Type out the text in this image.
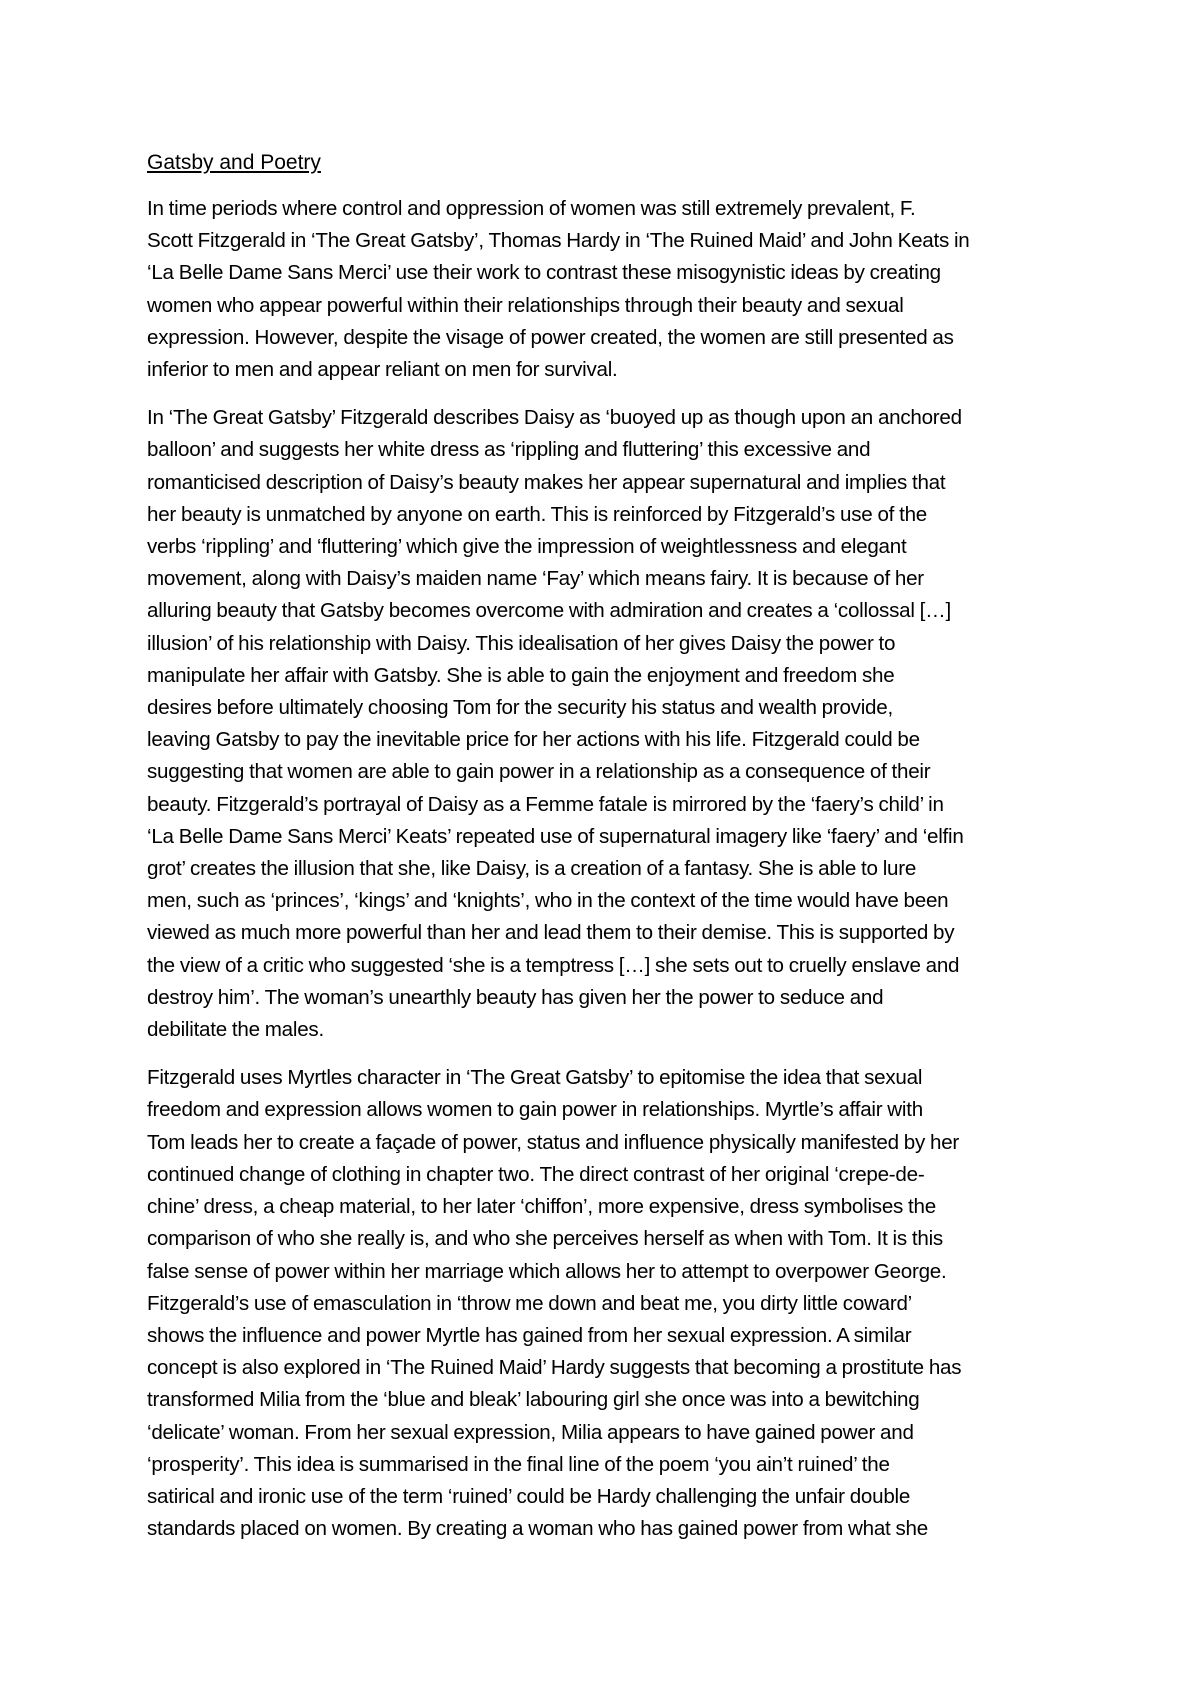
Gatsby and Poetry
In time periods where control and oppression of women was still extremely prevalent, F.
Scott Fitzgerald in ‘The Great Gatsby’, Thomas Hardy in ‘The Ruined Maid’ and John Keats in
‘La Belle Dame Sans Merci’ use their work to contrast these misogynistic ideas by creating
women who appear powerful within their relationships through their beauty and sexual
expression. However, despite the visage of power created, the women are still presented as
inferior to men and appear reliant on men for survival.
In ‘The Great Gatsby’ Fitzgerald describes Daisy as ‘buoyed up as though upon an anchored
balloon’ and suggests her white dress as ‘rippling and fluttering’ this excessive and
romanticised description of Daisy’s beauty makes her appear supernatural and implies that
her beauty is unmatched by anyone on earth. This is reinforced by Fitzgerald’s use of the
verbs ‘rippling’ and ‘fluttering’ which give the impression of weightlessness and elegant
movement, along with Daisy’s maiden name ‘Fay’ which means fairy. It is because of her
alluring beauty that Gatsby becomes overcome with admiration and creates a ‘collossal […]
illusion’ of his relationship with Daisy. This idealisation of her gives Daisy the power to
manipulate her affair with Gatsby. She is able to gain the enjoyment and freedom she
desires before ultimately choosing Tom for the security his status and wealth provide,
leaving Gatsby to pay the inevitable price for her actions with his life. Fitzgerald could be
suggesting that women are able to gain power in a relationship as a consequence of their
beauty. Fitzgerald’s portrayal of Daisy as a Femme fatale is mirrored by the ‘faery’s child’ in
‘La Belle Dame Sans Merci’ Keats’ repeated use of supernatural imagery like ‘faery’ and ‘elfin
grot’ creates the illusion that she, like Daisy, is a creation of a fantasy. She is able to lure
men, such as ‘princes’, ‘kings’ and ‘knights’, who in the context of the time would have been
viewed as much more powerful than her and lead them to their demise. This is supported by
the view of a critic who suggested ‘she is a temptress […] she sets out to cruelly enslave and
destroy him’. The woman’s unearthly beauty has given her the power to seduce and
debilitate the males.
Fitzgerald uses Myrtles character in ‘The Great Gatsby’ to epitomise the idea that sexual
freedom and expression allows women to gain power in relationships. Myrtle’s affair with
Tom leads her to create a façade of power, status and influence physically manifested by her
continued change of clothing in chapter two. The direct contrast of her original ‘crepe-de-
chine’ dress, a cheap material, to her later ‘chiffon’, more expensive, dress symbolises the
comparison of who she really is, and who she perceives herself as when with Tom. It is this
false sense of power within her marriage which allows her to attempt to overpower George.
Fitzgerald’s use of emasculation in ‘throw me down and beat me, you dirty little coward’
shows the influence and power Myrtle has gained from her sexual expression. A similar
concept is also explored in ‘The Ruined Maid’ Hardy suggests that becoming a prostitute has
transformed Milia from the ‘blue and bleak’ labouring girl she once was into a bewitching
‘delicate’ woman. From her sexual expression, Milia appears to have gained power and
‘prosperity’. This idea is summarised in the final line of the poem ‘you ain’t ruined’ the
satirical and ironic use of the term ‘ruined’ could be Hardy challenging the unfair double
standards placed on women. By creating a woman who has gained power from what she
